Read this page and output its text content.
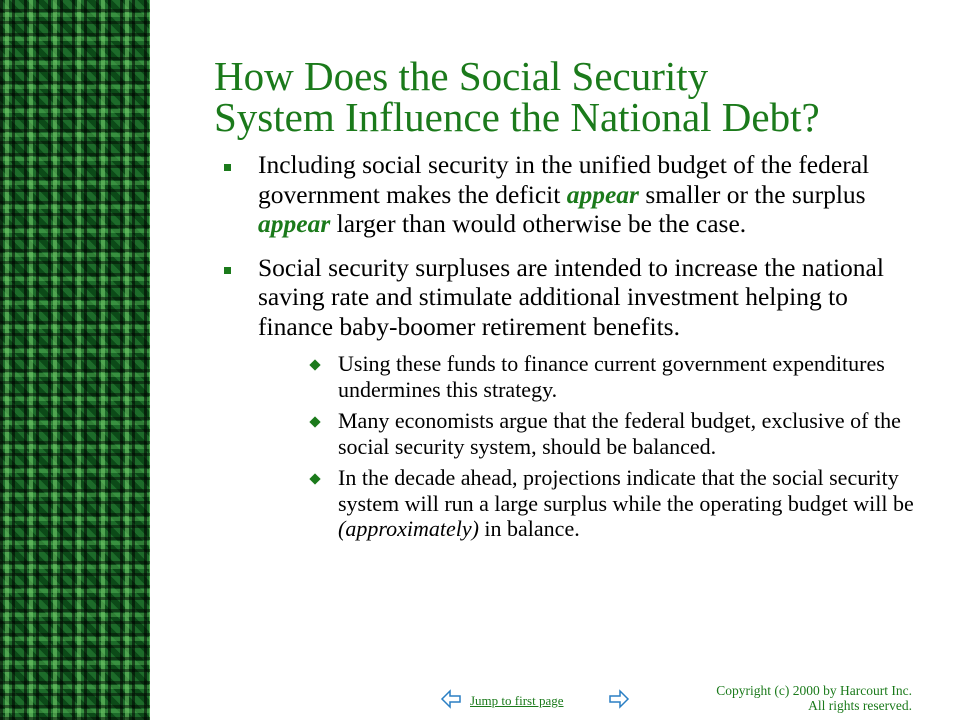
How Does the Social Security
System Influence the National Debt?
Including social security in the unified budget of the federal government makes the deficit appear smaller or the surplus appear larger than would otherwise be the case.
Social security surpluses are intended to increase the national saving rate and stimulate additional investment helping to finance baby-boomer retirement benefits.
Using these funds to finance current government expenditures undermines this strategy.
Many economists argue that the federal budget, exclusive of the social security system, should be balanced.
In the decade ahead, projections indicate that the social security system will run a large surplus while the operating budget will be (approximately) in balance.
Jump to first page
Copyright (c) 2000 by Harcourt Inc.
All rights reserved.
